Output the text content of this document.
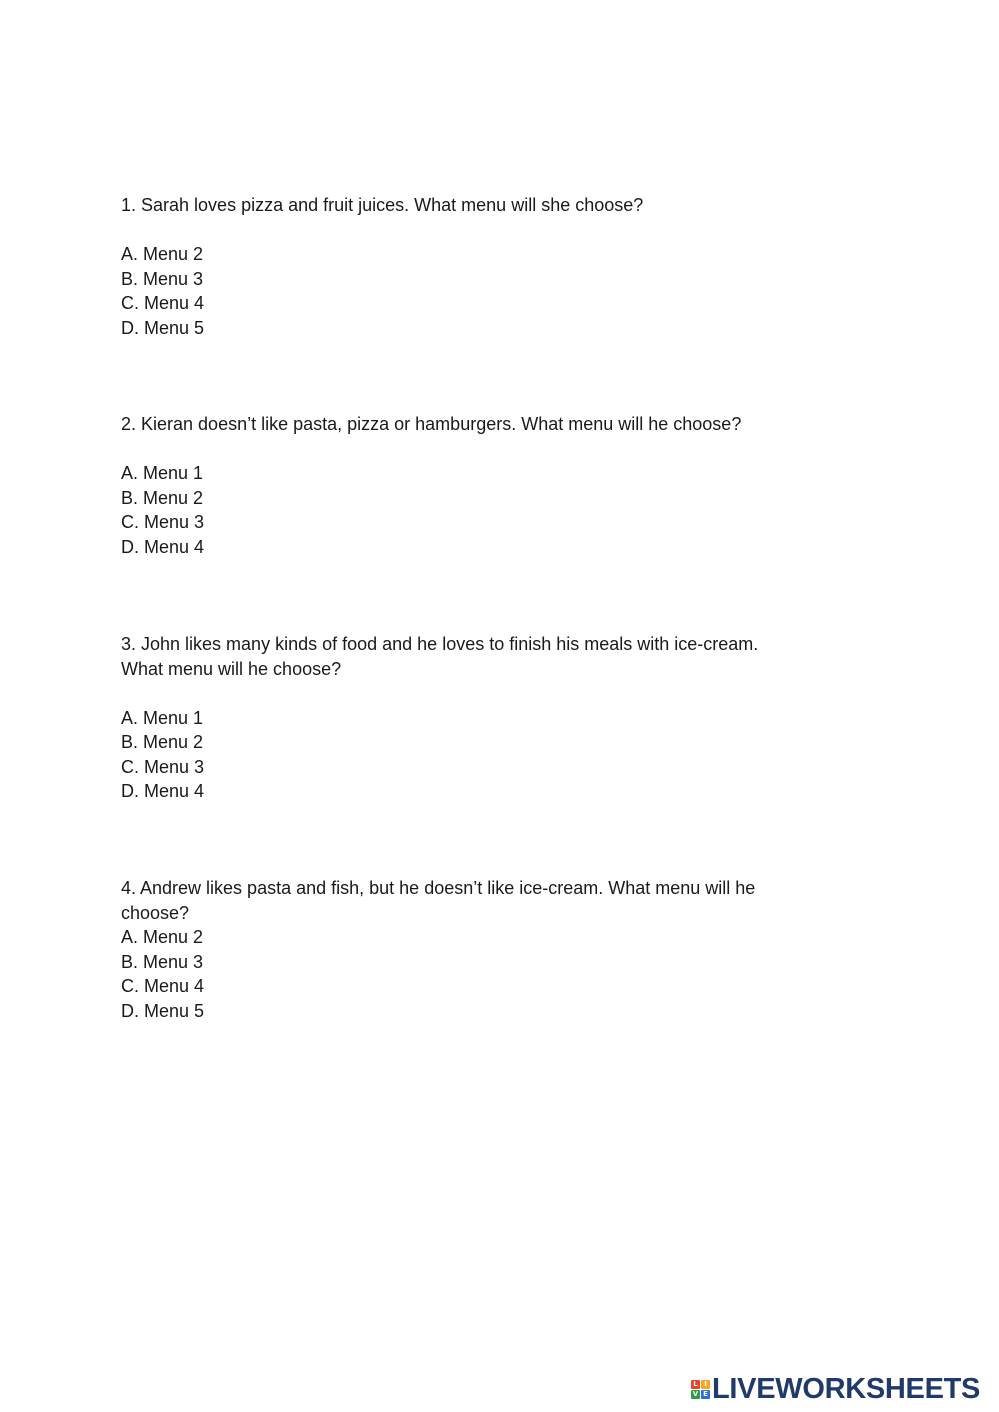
1. Sarah loves pizza and fruit juices. What menu will she choose?

A. Menu 2
B. Menu 3
C. Menu 4
D. Menu 5

2. Kieran doesn’t like pasta, pizza or hamburgers. What menu will he choose?

A. Menu 1
B. Menu 2
C. Menu 3
D. Menu 4

3. John likes many kinds of food and he loves to finish his meals with ice-cream. What menu will he choose?

A. Menu 1
B. Menu 2
C. Menu 3
D. Menu 4

4. Andrew likes pasta and fish, but he doesn’t like ice-cream. What menu will he choose?

A. Menu 2
B. Menu 3
C. Menu 4
D. Menu 5
L I
V E LIVEWORKSHEETS
